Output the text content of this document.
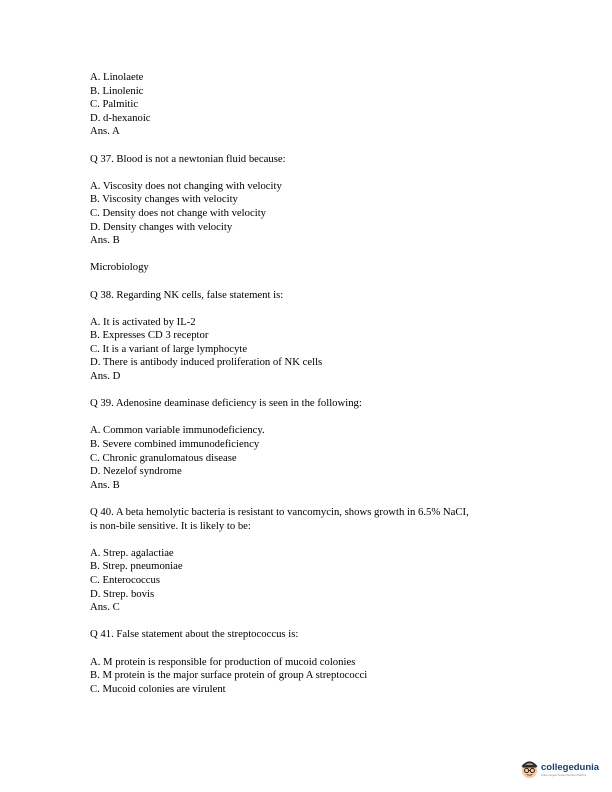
A. Linolaete
B. Linolenic
C. Palmitic
D. d-hexanoic
Ans. A
Q 37. Blood is not a newtonian fluid because:
A. Viscosity does not changing with velocity
B. Viscosity changes with velocity
C. Density does not change with velocity
D. Density changes with velocity
Ans. B
Microbiology
Q 38. Regarding NK cells, false statement is:
A. It is activated by IL-2
B. Expresses CD 3 receptor
C. It is a variant of large lymphocyte
D. There is antibody induced proliferation of NK cells
Ans. D
Q 39. Adenosine deaminase deficiency is seen in the following:
A. Common variable immunodeficiency.
B. Severe combined immunodeficiency
C. Chronic granulomatous disease
D. Nezelof syndrome
Ans. B
Q 40. A beta hemolytic bacteria is resistant to vancomycin, shows growth in 6.5% NaCI,
is non-bile sensitive. It is likely to be:
A. Strep. agalactiae
B. Strep. pneumoniae
C. Enterococcus
D. Strep. bovis
Ans. C
Q 41. False statement about the streptococcus is:
A. M protein is responsible for production of mucoid colonies
B. M protein is the major surface protein of group A streptococci
C. Mucoid colonies are virulent
collegedunia
India's largest Student Review Platform
